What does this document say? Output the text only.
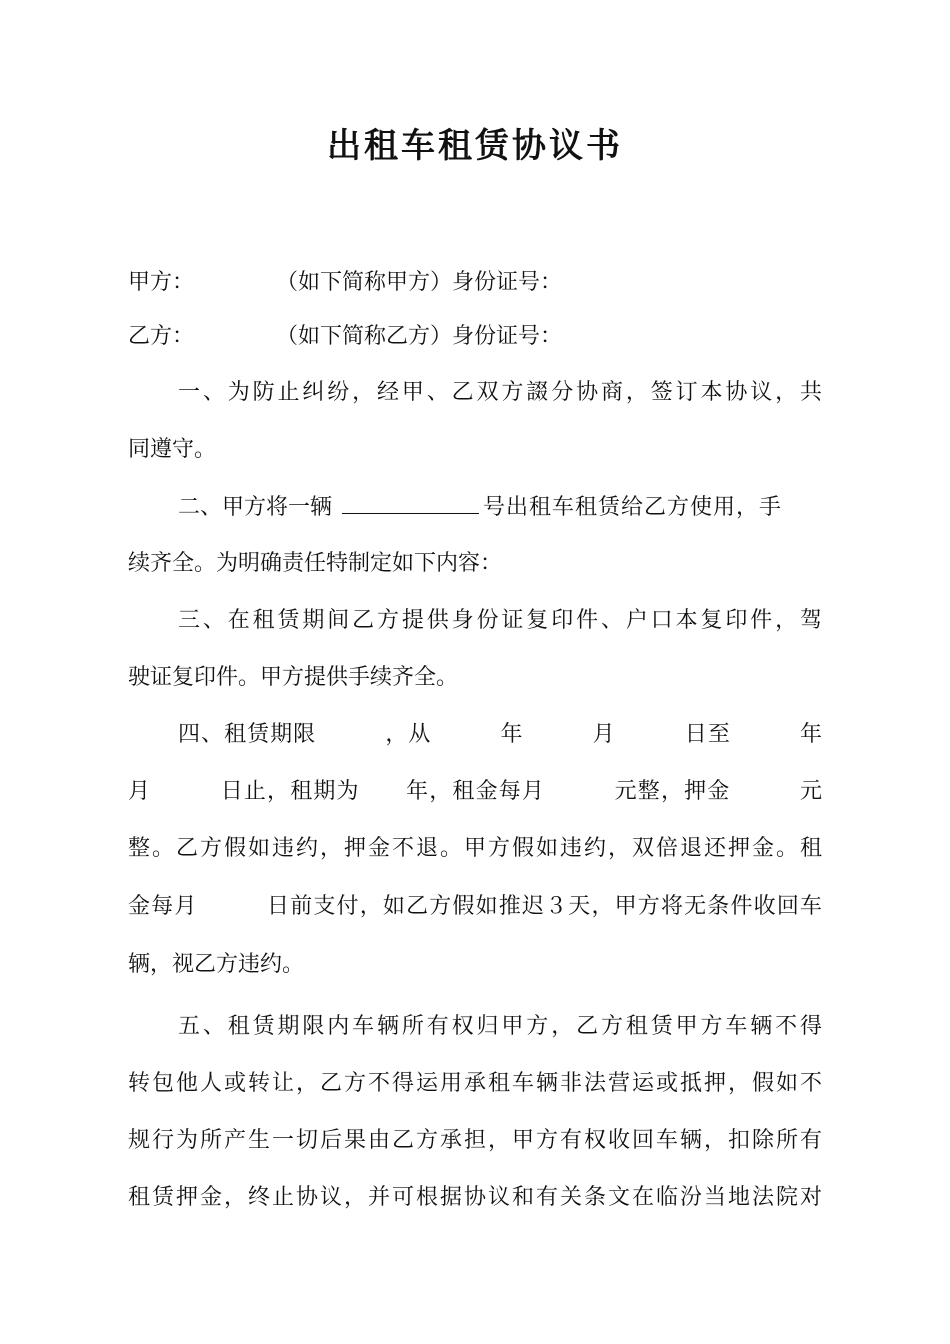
出租车租赁协议书
甲方：	（如下简称甲方）身份证号：
乙方：	（如下简称乙方）身份证号：
一、为防止纠纷，经甲、乙双方諁分协商，签订本协议，共
同遵守。
二、甲方将一辆	号出租车租赁给乙方使用，手
续齐全。为明确责任特制定如下内容：
三、在租赁期间乙方提供身份证复印件、户口本复印件，驾
驶证复印件。甲方提供手续齐全。
四、租赁期限　　　，从　　　年　　　月　　　日至　　　年
月　　　日止，租期为　　年，租金每月　　　元整，押金　　　元
整。乙方假如违约，押金不退。甲方假如违约，双倍退还押金。租
金每月　　　日前支付，如乙方假如推迟３天，甲方将无条件收回车
辆，视乙方违约。
五、租赁期限内车辆所有权归甲方，乙方租赁甲方车辆不得
转包他人或转让，乙方不得运用承租车辆非法营运或抵押，假如不
规行为所产生一切后果由乙方承担，甲方有权收回车辆，扣除所有
租赁押金，终止协议，并可根据协议和有关条文在临汾当地法院对
